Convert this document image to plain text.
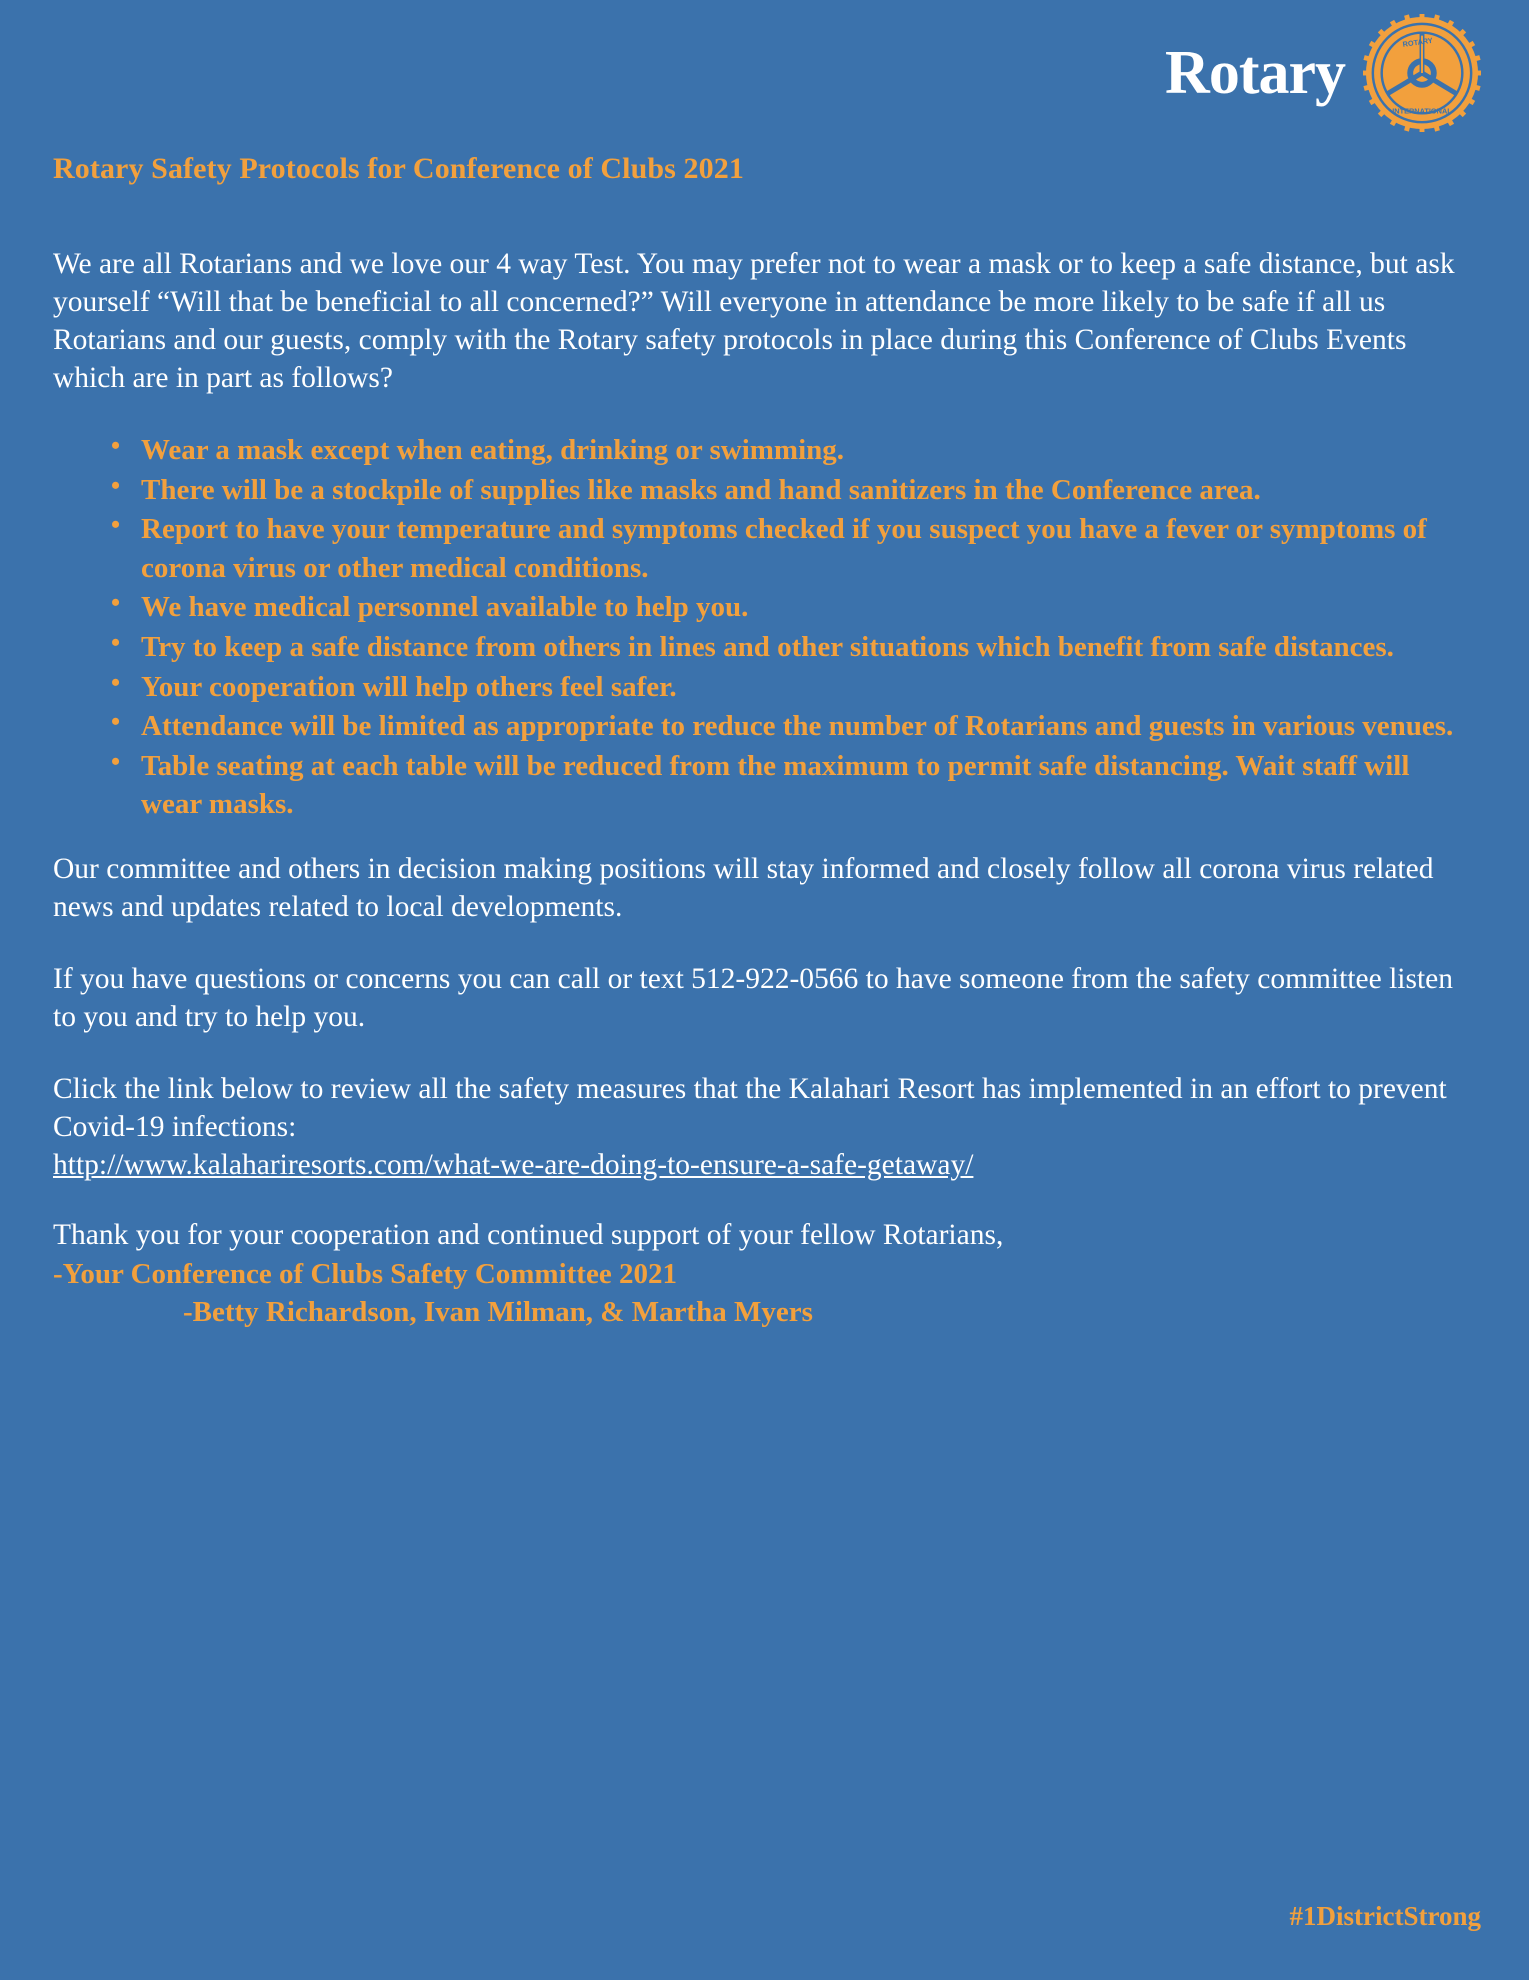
Rotary	ROTARY
INTERNATIONAL
Rotary Safety Protocols for Conference of Clubs 2021

We are all Rotarians and we love our 4 way Test. You may prefer not to wear a mask or to keep a safe distance, but ask yourself “Will that be beneficial to all concerned?” Will everyone in attendance be more likely to be safe if all us Rotarians and our guests, comply with the Rotary safety protocols in place during this Conference of Clubs Events which are in part as follows?

• Wear a mask except when eating, drinking or swimming.
• There will be a stockpile of supplies like masks and hand sanitizers in the Conference area.
• Report to have your temperature and symptoms checked if you suspect you have a fever or symptoms of corona virus or other medical conditions.
• We have medical personnel available to help you.
• Try to keep a safe distance from others in lines and other situations which benefit from safe distances.
• Your cooperation will help others feel safer.
• Attendance will be limited as appropriate to reduce the number of Rotarians and guests in various venues.
• Table seating at each table will be reduced from the maximum to permit safe distancing. Wait staff will wear masks.

Our committee and others in decision making positions will stay informed and closely follow all corona virus related news and updates related to local developments.

If you have questions or concerns you can call or text 512-922-0566 to have someone from the safety committee listen to you and try to help you.

Click the link below to review all the safety measures that the Kalahari Resort has implemented in an effort to prevent Covid-19 infections:
http://www.kalahariresorts.com/what-we-are-doing-to-ensure-a-safe-getaway/

Thank you for your cooperation and continued support of your fellow Rotarians,

-Your Conference of Clubs Safety Committee 2021

-Betty Richardson, Ivan Milman, & Martha Myers

#1DistrictStrong
